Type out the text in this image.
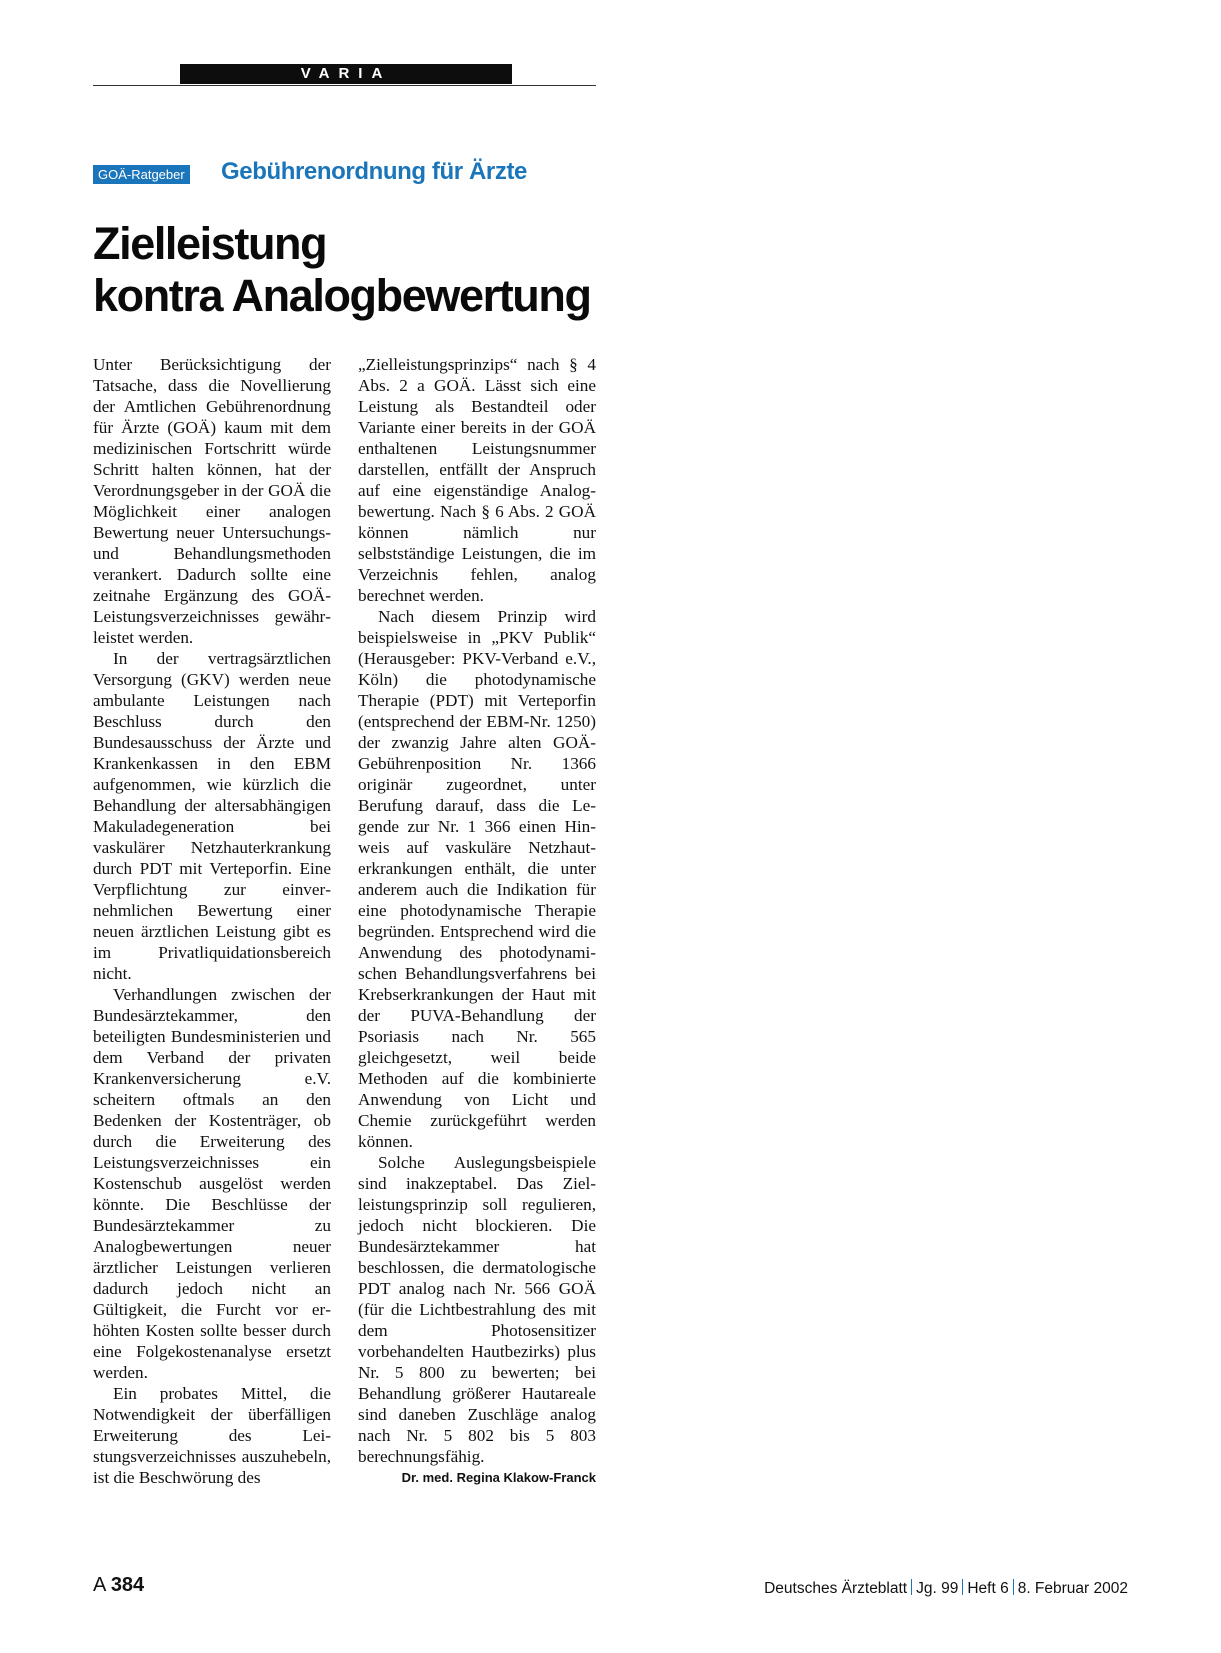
VARIA
GOÄ-Ratgeber Gebührenordnung für Ärzte
Zielleistung
kontra Analogbewertung

Unter Berücksichtigung der Tatsache, dass die Novellierung der Amtlichen Gebührenordnung für Ärzte (GOÄ) kaum mit dem medizinischen Fortschritt würde Schritt halten können, hat der Verordnungsgeber in der GOÄ die Möglichkeit einer analogen Bewertung neuer Untersuchungs- und Behandlungsmethoden verankert. Dadurch sollte eine zeitnahe Ergänzung des GOÄ-Leistungsverzeichnisses gewährleistet werden.

In der vertragsärztlichen Versorgung (GKV) werden neue ambulante Leistungen nach Beschluss durch den Bundesausschuss der Ärzte und Krankenkassen in den EBM aufgenommen, wie kürzlich die Behandlung der altersabhängigen Makuladegeneration bei vaskulärer Netzhauterkrankung durch PDT mit Verteporfin. Eine Verpflichtung zur einvernehmlichen Bewertung einer neuen ärztlichen Leistung gibt es im Privatliquidationsbereich nicht.

Verhandlungen zwischen der Bundesärztekammer, den beteiligten Bundesministerien und dem Verband der privaten Krankenversicherung e.V. scheitern oftmals an den Bedenken der Kostenträger, ob durch die Erweiterung des Leistungsverzeichnisses ein Kostenschub ausgelöst werden könnte. Die Beschlüsse der Bundesärztekammer zu Analogbewertungen neuer ärztlicher Leistungen verlieren dadurch jedoch nicht an Gültigkeit, die Furcht vor erhöhten Kosten sollte besser durch eine Folgekostenanalyse ersetzt werden.

Ein probates Mittel, die Notwendigkeit der überfälligen Erweiterung des Leistungsverzeichnisses auszuhebeln, ist die Beschwörung des

„Zielleistungsprinzips“ nach § 4 Abs. 2 a GOÄ. Lässt sich eine Leistung als Bestandteil oder Variante einer bereits in der GOÄ enthaltenen Leistungsnummer darstellen, entfällt der Anspruch auf eine eigenständige Analogbewertung. Nach § 6 Abs. 2 GOÄ können nämlich nur selbstständige Leistungen, die im Verzeichnis fehlen, analog berechnet werden.

Nach diesem Prinzip wird beispielsweise in „PKV Publik“ (Herausgeber: PKV-Verband e.V., Köln) die photodynamische Therapie (PDT) mit Verteporfin (entsprechend der EBM-Nr. 1250) der zwanzig Jahre alten GOÄ-Gebührenposition Nr. 1366 originär zugeordnet, unter Berufung darauf, dass die Legende zur Nr. 1 366 einen Hinweis auf vaskuläre Netzhauterkrankungen enthält, die unter anderem auch die Indikation für eine photodynamische Therapie begründen. Entsprechend wird die Anwendung des photodynamischen Behandlungsverfahrens bei Krebserkrankungen der Haut mit der PUVA-Behandlung der Psoriasis nach Nr. 565 gleichgesetzt, weil beide Methoden auf die kombinierte Anwendung von Licht und Chemie zurückgeführt werden können.

Solche Auslegungsbeispiele sind inakzeptabel. Das Zielleistungsprinzip soll regulieren, jedoch nicht blockieren. Die Bundesärztekammer hat beschlossen, die dermatologische PDT analog nach Nr. 566 GOÄ (für die Lichtbestrahlung des mit dem Photosensitizer vorbehandelten Hautbezirks) plus Nr. 5 800 zu bewerten; bei Behandlung größerer Hautareale sind daneben Zuschläge analog nach Nr. 5 802 bis 5 803 berechnungsfähig.

Dr. med. Regina Klakow-Franck
A 384	Deutsches Ärzteblatt Jg. 99 Heft 6 8. Februar 2002
